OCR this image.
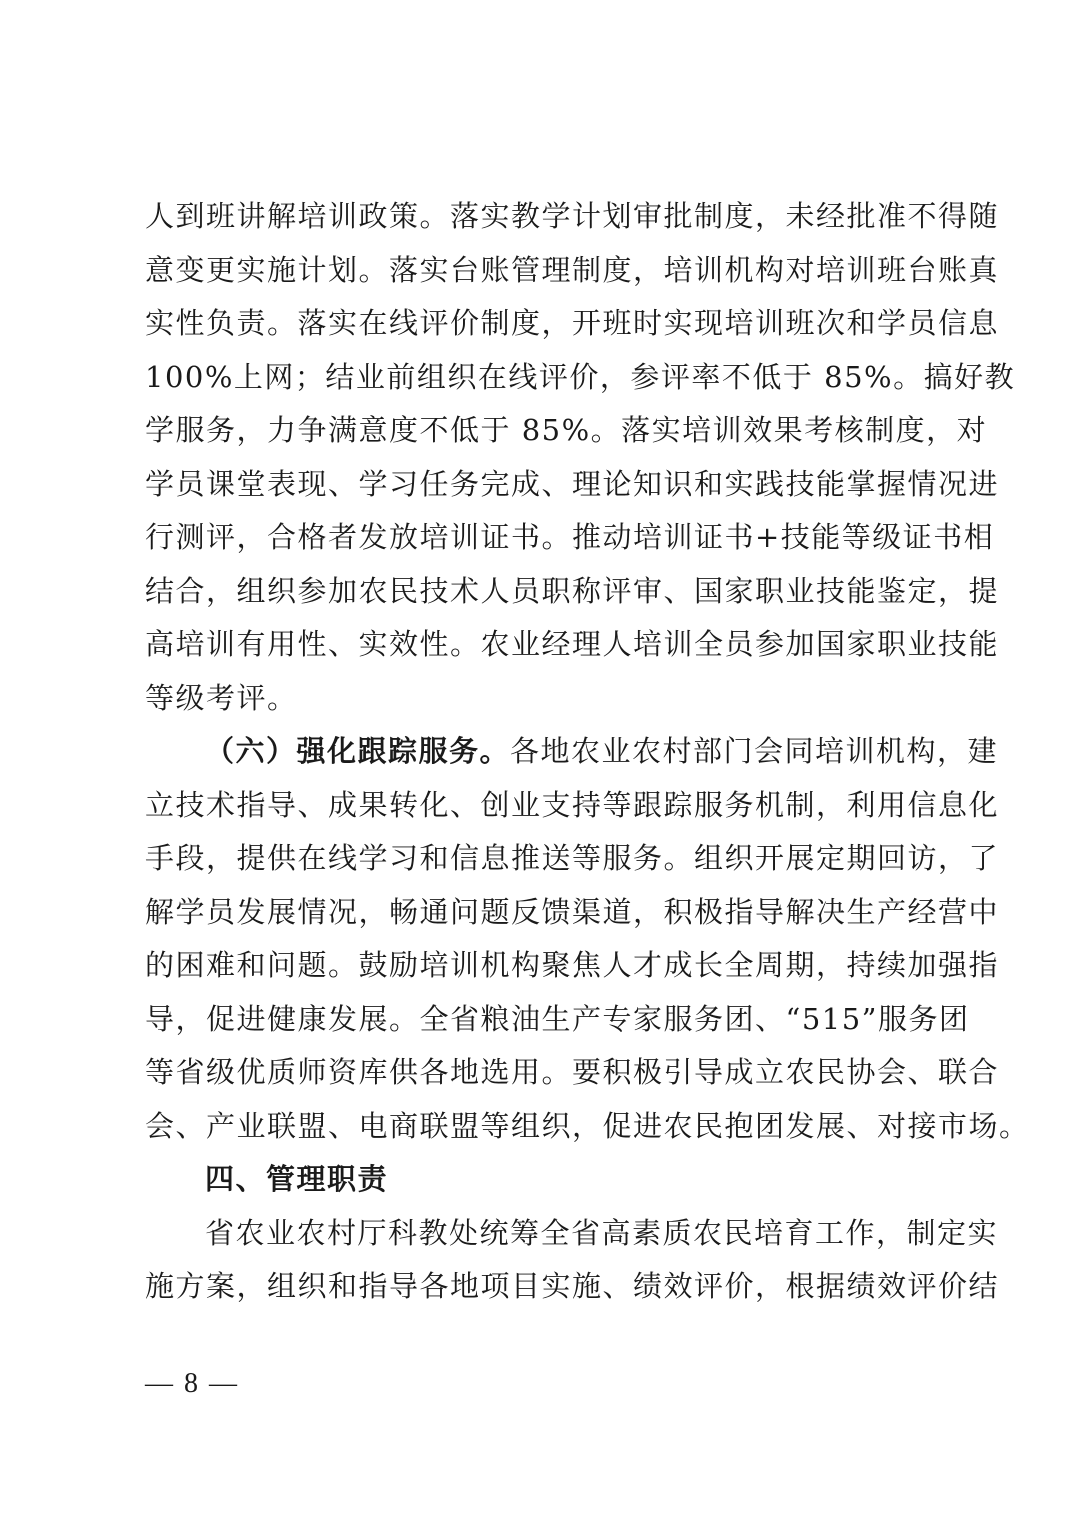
人到班讲解培训政策。落实教学计划审批制度，未经批准不得随
意变更实施计划。落实台账管理制度，培训机构对培训班台账真
实性负责。落实在线评价制度，开班时实现培训班次和学员信息
100%上网；结业前组织在线评价，参评率不低于 85%。搞好教
学服务，力争满意度不低于 85%。落实培训效果考核制度，对
学员课堂表现、学习任务完成、理论知识和实践技能掌握情况进
行测评，合格者发放培训证书。推动培训证书+技能等级证书相
结合，组织参加农民技术人员职称评审、国家职业技能鉴定，提
高培训有用性、实效性。农业经理人培训全员参加国家职业技能
等级考评。
（六）强化跟踪服务。各地农业农村部门会同培训机构，建
立技术指导、成果转化、创业支持等跟踪服务机制，利用信息化
手段，提供在线学习和信息推送等服务。组织开展定期回访，了
解学员发展情况，畅通问题反馈渠道，积极指导解决生产经营中
的困难和问题。鼓励培训机构聚焦人才成长全周期，持续加强指
导，促进健康发展。全省粮油生产专家服务团、“515”服务团
等省级优质师资库供各地选用。要积极引导成立农民协会、联合
会、产业联盟、电商联盟等组织，促进农民抱团发展、对接市场。
四、管理职责
省农业农村厅科教处统筹全省高素质农民培育工作，制定实
施方案，组织和指导各地项目实施、绩效评价，根据绩效评价结
— 8 —
